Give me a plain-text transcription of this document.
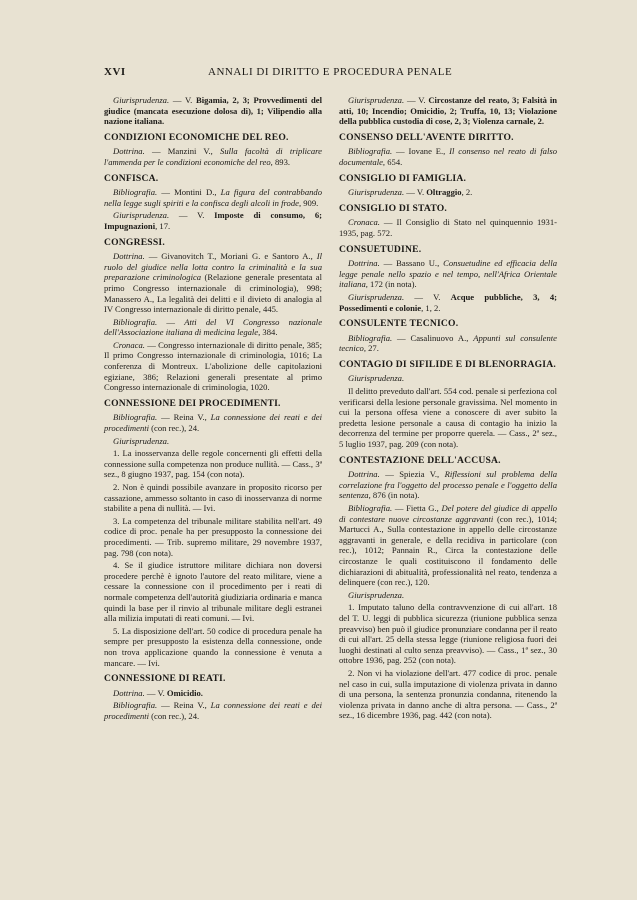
XVI	ANNALI DI DIRITTO E PROCEDURA PENALE

Giurisprudenza. — V. Bigamia, 2, 3; Provvedimenti del giudice (mancata esecuzione dolosa di), 1; Vilipendio alla nazione italiana.

CONDIZIONI ECONOMICHE DEL REO.

Dottrina. — Manzini V., Sulla facoltà di triplicare l'ammenda per le condizioni economiche del reo, 893.

CONFISCA.

Bibliografia. — Montini D., La figura del contrabbando nella legge sugli spiriti e la confisca degli alcoli in frode, 909.

Giurisprudenza. — V. Imposte di consumo, 6; Impugnazioni, 17.

CONGRESSI.

Dottrina. — Givanovitch T., Moriani G. e Santoro A., Il ruolo del giudice nella lotta contro la criminalità e la sua preparazione criminologica (Relazione generale presentata al primo Congresso internazionale di criminologia), 998; Manassero A., La legalità dei delitti e il divieto di analogia al IV Congresso internazionale di diritto penale, 445.

Bibliografia. — Atti del VI Congresso nazionale dell'Associazione italiana di medicina legale, 384.

Cronaca. — Congresso internazionale di diritto penale, 385; Il primo Congresso internazionale di criminologia, 1016; La conferenza di Montreux. L'abolizione delle capitolazioni egiziane, 386; Relazioni generali presentate al primo Congresso internazionale di criminologia, 1020.

CONNESSIONE DEI PROCEDIMENTI.

Bibliografia. — Reina V., La connessione dei reati e dei procedimenti (con rec.), 24.

Giurisprudenza.

1. La inosservanza delle regole concernenti gli effetti della connessione sulla competenza non produce nullità. — Cass., 3ª sez., 8 giugno 1937, pag. 154 (con nota).

2. Non è quindi possibile avanzare in proposito ricorso per cassazione, ammesso soltanto in caso di inosservanza di norme stabilite a pena di nullità. — Ivi.

3. La competenza del tribunale militare stabilita nell'art. 49 codice di proc. penale ha per presupposto la connessione dei procedimenti. — Trib. supremo militare, 29 novembre 1937, pag. 798 (con nota).

4. Se il giudice istruttore militare dichiara non doversi procedere perchè è ignoto l'autore del reato militare, viene a cessare la connessione con il procedimento per i reati di normale competenza dell'autorità giudiziaria ordinaria e manca quindi la base per il rinvio al tribunale militare degli estranei alla milizia imputati di reati comuni. — Ivi.

5. La disposizione dell'art. 50 codice di procedura penale ha sempre per presupposto la esistenza della connessione, onde non trova applicazione quando la connessione è venuta a mancare. — Ivi.

CONNESSIONE DI REATI.

Dottrina. — V. Omicidio.

Bibliografia. — Reina V., La connessione dei reati e dei procedimenti (con rec.), 24.

Giurisprudenza. — V. Circostanze del reato, 3; Falsità in atti, 10; Incendio; Omicidio, 2; Truffa, 10, 13; Violazione della pubblica custodia di cose, 2, 3; Violenza carnale, 2.

CONSENSO DELL'AVENTE DIRITTO.

Bibliografia. — Iovane E., Il consenso nel reato di falso documentale, 654.

CONSIGLIO DI FAMIGLIA.

Giurisprudenza. — V. Oltraggio, 2.

CONSIGLIO DI STATO.

Cronaca. — Il Consiglio di Stato nel quinquennio 1931-1935, pag. 572.

CONSUETUDINE.

Dottrina. — Bassano U., Consuetudine ed efficacia della legge penale nello spazio e nel tempo, nell'Africa Orientale italiana, 172 (in nota).

Giurisprudenza. — V. Acque pubbliche, 3, 4; Possedimenti e colonie, 1, 2.

CONSULENTE TECNICO.

Bibliografia. — Casalinuovo A., Appunti sul consulente tecnico, 27.

CONTAGIO DI SIFILIDE E DI BLENORRAGIA.

Giurisprudenza.

Il delitto preveduto dall'art. 554 cod. penale si perfeziona col verificarsi della lesione personale gravissima. Nel momento in cui la persona offesa viene a conoscere di aver subito la predetta lesione personale a causa di contagio ha inizio la decorrenza del termine per proporre querela. — Cass., 2ª sez., 5 luglio 1937, pag. 209 (con nota).

CONTESTAZIONE DELL'ACCUSA.

Dottrina. — Spiezia V., Riflessioni sul problema della correlazione fra l'oggetto del processo penale e l'oggetto della sentenza, 876 (in nota).

Bibliografia. — Fietta G., Del potere del giudice di appello di contestare nuove circostanze aggravanti (con rec.), 1014; Martucci A., Sulla contestazione in appello delle circostanze aggravanti in generale, e della recidiva in particolare (con rec.), 1012; Pannain R., Circa la contestazione delle circostanze le quali costituiscono il fondamento delle dichiarazioni di abitualità, professionalità nel reato, tendenza a delinquere (con rec.), 120.

Giurisprudenza.

1. Imputato taluno della contravvenzione di cui all'art. 18 del T. U. leggi di pubblica sicurezza (riunione pubblica senza preavviso) ben può il giudice pronunziare condanna per il reato di cui all'art. 25 della stessa legge (riunione religiosa fuori dei luoghi destinati al culto senza preavviso). — Cass., 1ª sez., 30 ottobre 1936, pag. 252 (con nota).

2. Non vi ha violazione dell'art. 477 codice di proc. penale nel caso in cui, sulla imputazione di violenza privata in danno di una persona, la sentenza pronunzia condanna, ritenendo la violenza privata in danno anche di altra persona. — Cass., 2ª sez., 16 dicembre 1936, pag. 442 (con nota).
